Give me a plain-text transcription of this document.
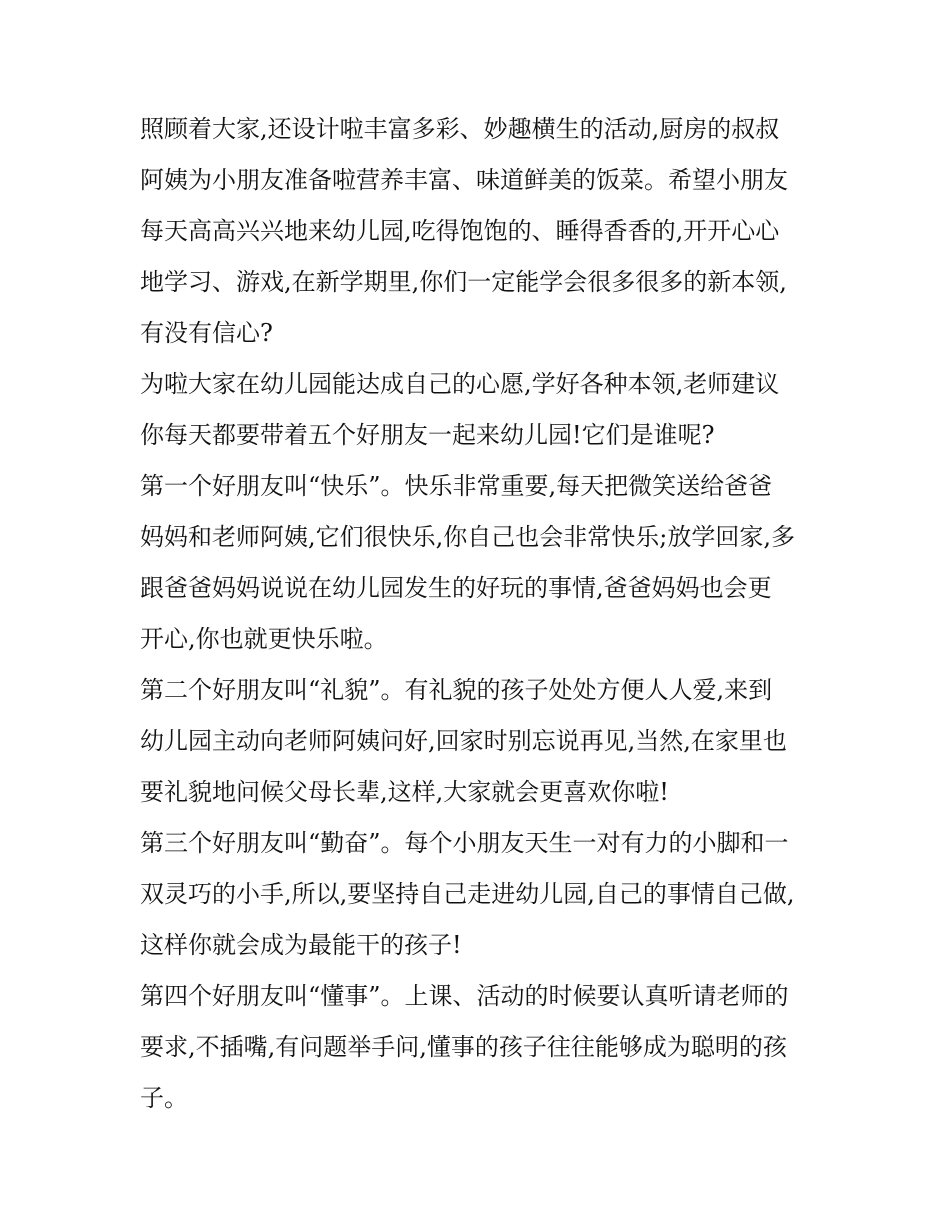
照顾着大家,还设计啦丰富多彩、妙趣横生的活动,厨房的叔叔
阿姨为小朋友准备啦营养丰富、味道鲜美的饭菜。希望小朋友
每天高高兴兴地来幼儿园,吃得饱饱的、睡得香香的,开开心心
地学习、游戏,在新学期里,你们一定能学会很多很多的新本领,
有没有信心?
为啦大家在幼儿园能达成自己的心愿,学好各种本领,老师建议
你每天都要带着五个好朋友一起来幼儿园!它们是谁呢?
第一个好朋友叫“快乐”。快乐非常重要,每天把微笑送给爸爸
妈妈和老师阿姨,它们很快乐,你自己也会非常快乐;放学回家,多
跟爸爸妈妈说说在幼儿园发生的好玩的事情,爸爸妈妈也会更
开心,你也就更快乐啦。
第二个好朋友叫“礼貌”。有礼貌的孩子处处方便人人爱,来到
幼儿园主动向老师阿姨问好,回家时别忘说再见,当然,在家里也
要礼貌地问候父母长辈,这样,大家就会更喜欢你啦!
第三个好朋友叫“勤奋”。每个小朋友天生一对有力的小脚和一
双灵巧的小手,所以,要坚持自己走进幼儿园,自己的事情自己做,
这样你就会成为最能干的孩子!
第四个好朋友叫“懂事”。上课、活动的时候要认真听请老师的
要求,不插嘴,有问题举手问,懂事的孩子往往能够成为聪明的孩
子。
